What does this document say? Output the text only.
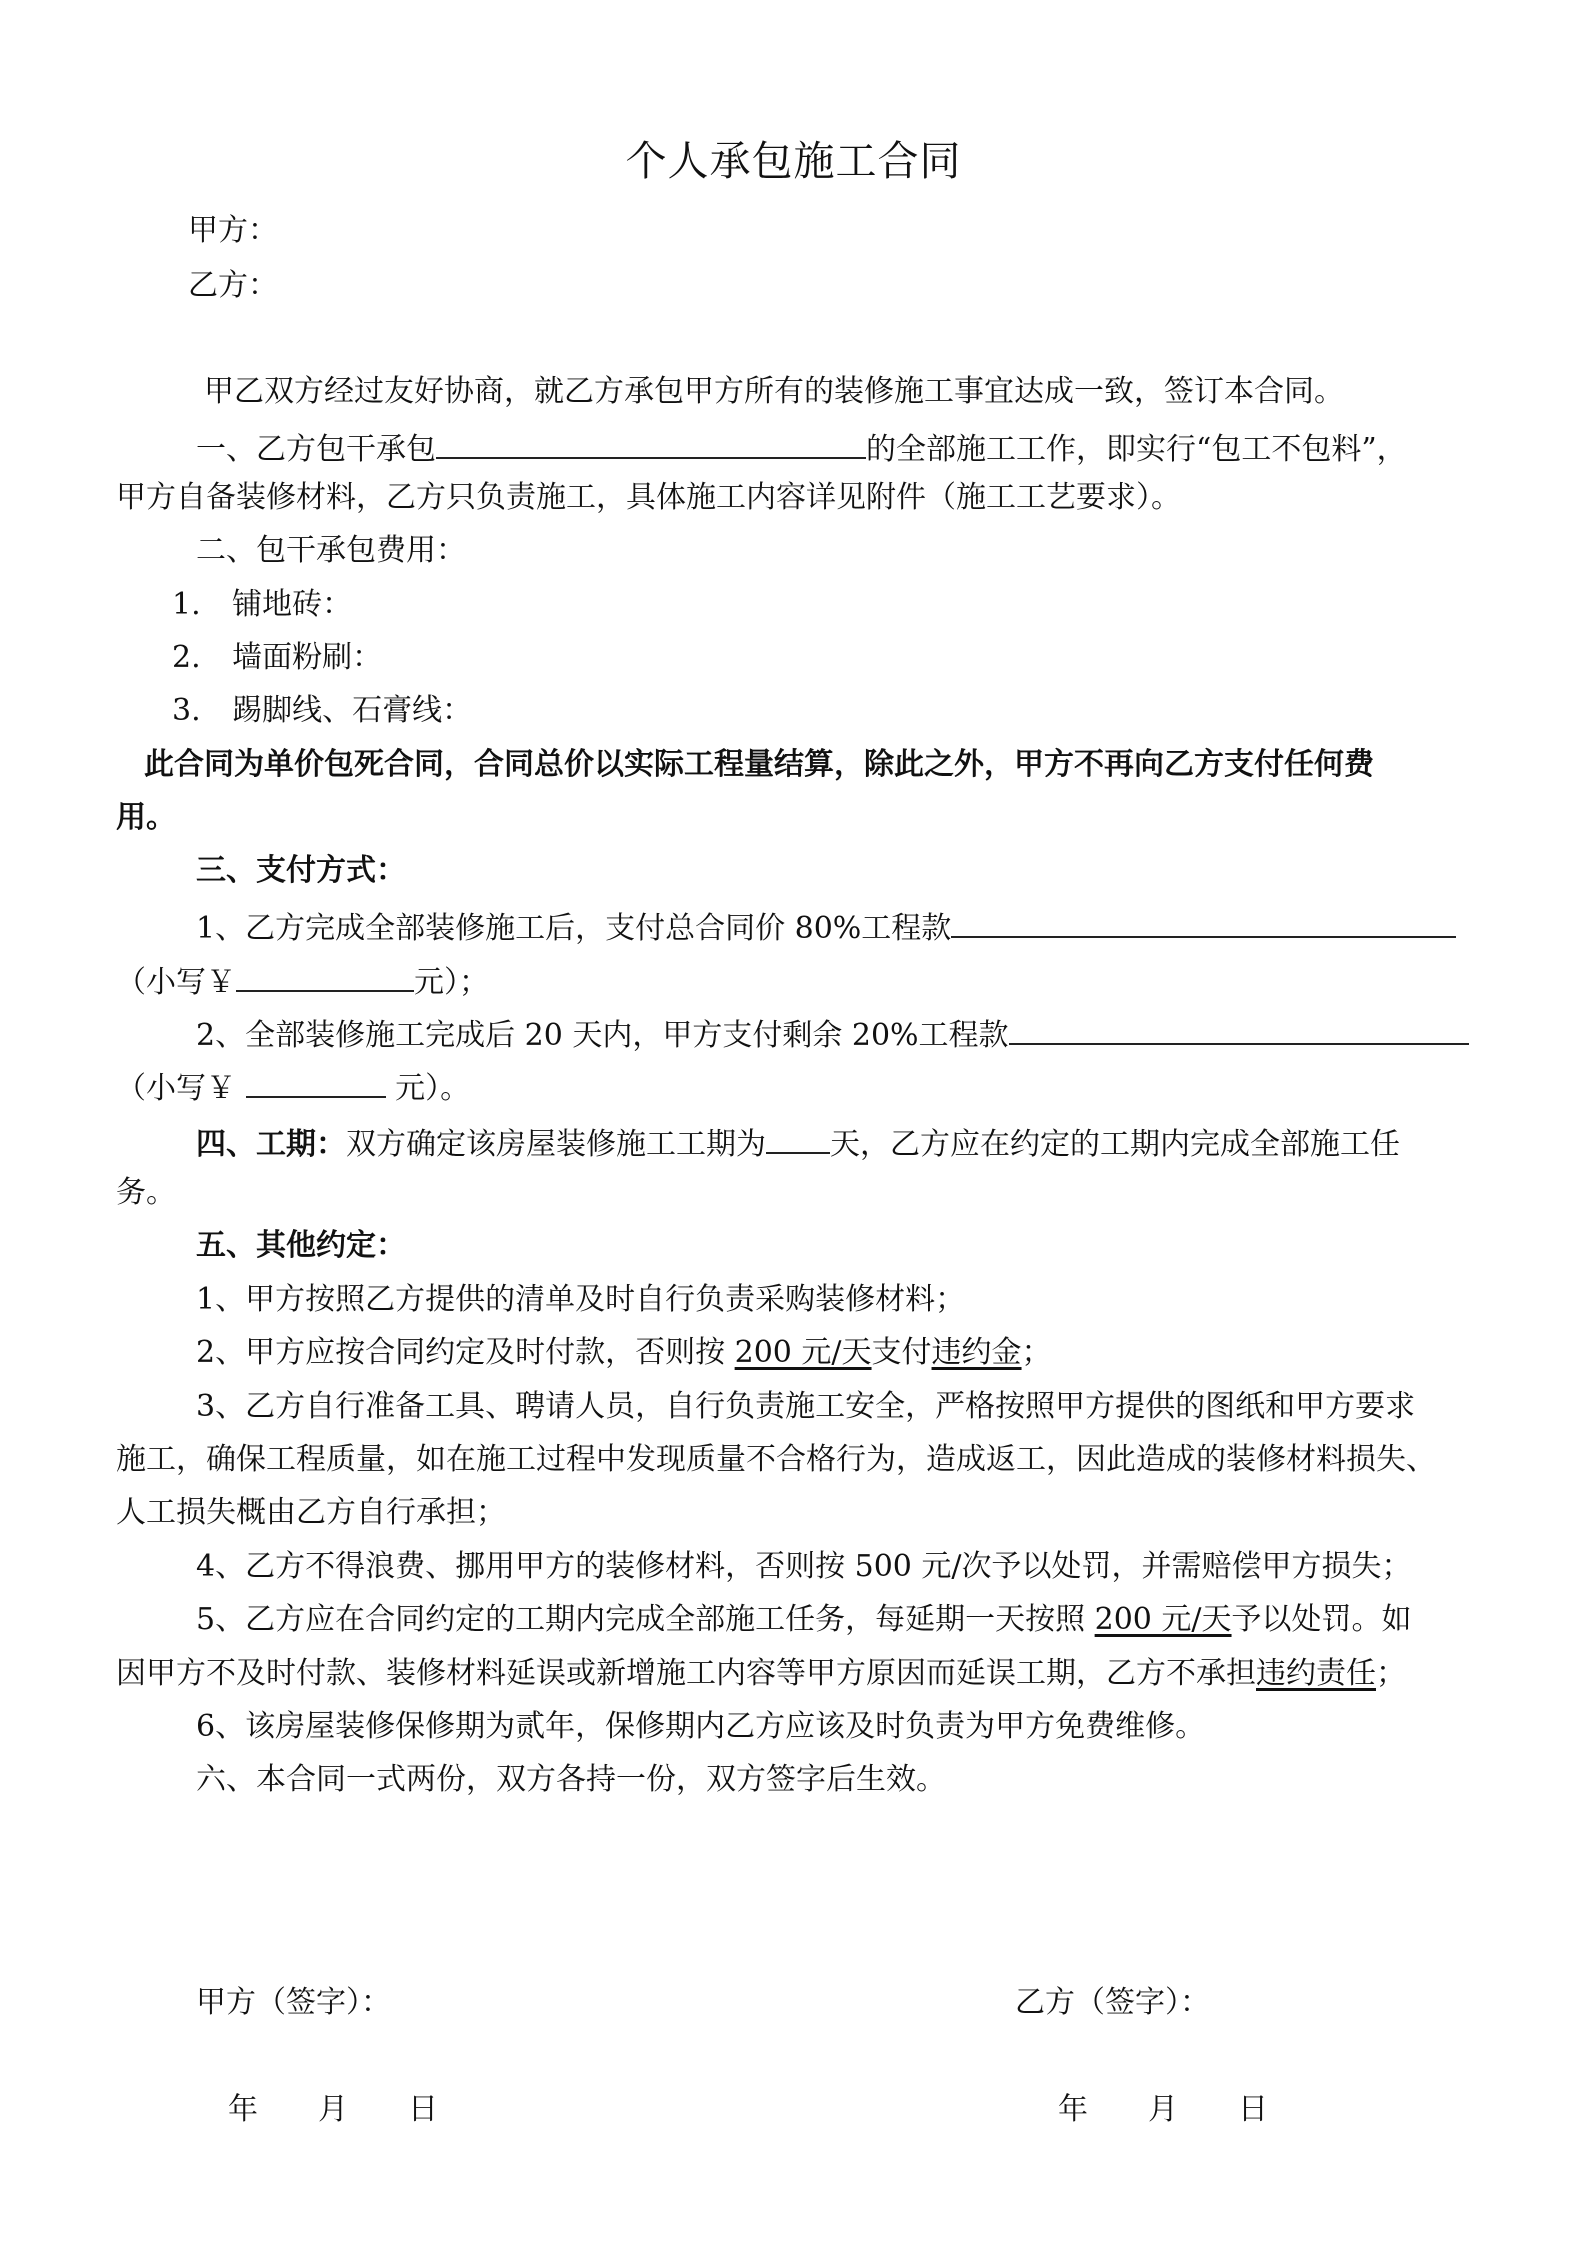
个人承包施工合同
甲方：
乙方：
甲乙双方经过友好协商，就乙方承包甲方所有的装修施工事宜达成一致，签订本合同。
一、乙方包干承包	的全部施工工作，即实行“包工不包料”，
甲方自备装修材料，乙方只负责施工，具体施工内容详见附件（施工工艺要求）。
二、包干承包费用：
1. 铺地砖：
2. 墙面粉刷：
3. 踢脚线、石膏线：
此合同为单价包死合同，合同总价以实际工程量结算，除此之外，甲方不再向乙方支付任何费
用。
三、支付方式：
1、乙方完成全部装修施工后，支付总合同价 80%工程款
（小写￥	元）；
2、全部装修施工完成后 20 天内，甲方支付剩余 20%工程款
（小写￥	元）。
四、工期：双方确定该房屋装修施工工期为 天，乙方应在约定的工期内完成全部施工任
务。
五、其他约定：
1、甲方按照乙方提供的清单及时自行负责采购装修材料；
2、甲方应按合同约定及时付款，否则按 200 元/天支付违约金；
3、乙方自行准备工具、聘请人员，自行负责施工安全，严格按照甲方提供的图纸和甲方要求
施工，确保工程质量，如在施工过程中发现质量不合格行为，造成返工，因此造成的装修材料损失、
人工损失概由乙方自行承担；
4、乙方不得浪费、挪用甲方的装修材料，否则按 500 元/次予以处罚，并需赔偿甲方损失；
5、乙方应在合同约定的工期内完成全部施工任务，每延期一天按照 200 元/天予以处罚。如
因甲方不及时付款、装修材料延误或新增施工内容等甲方原因而延误工期，乙方不承担违约责任；
6、该房屋装修保修期为贰年，保修期内乙方应该及时负责为甲方免费维修。
六、本合同一式两份，双方各持一份，双方签字后生效。
甲方（签字）：	乙方（签字）：
年　　月　　日	年　　月　　日
